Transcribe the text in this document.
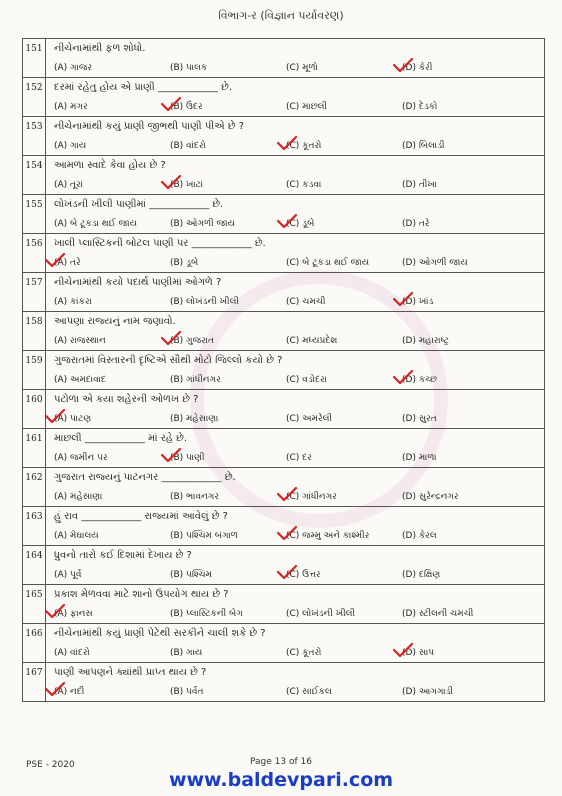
વિભાગ-ર (વિજ્ઞાન પર્યાવરણ)
151	નીચેનામાંથી ફળ શોધો.
(A) ગાજર (B) પાલક (C) મૂળો (D) કેરી

152	દરમાં રહેતુ હોય એ પ્રાણી ____________ છે.
(A) મગર (B) ઉંદર (C) માછલી (D) દેડકો

153	નીચેનામાંથી કયું પ્રાણી જીભથી પાણી પીએ છે ?
(A) ગાય (B) વાંદરો (C) કૂતરો (D) બિલાડી

154	આમળા સ્વાદે કેવા હોય છે ?
(A) તૂરાં (B) ખાટાં (C) કડવા (D) તીખા

155	લોખંડની ખીલી પાણીમાં ____________ છે.
(A) બે ટૂકડા થઈ જાય (B) ઓગળી જાય (C) ડૂબે (D) તરે

156	ખાલી પ્લાસ્ટિકની બોટલ પાણી પર ____________ છે.
(A) તરે (B) ડૂબે (C) બે ટૂકડા થઈ જાય (D) ઓગળી જાય

157	નીચેનામાંથી કયો પદાર્થ પાણીમાં ઓગળે ?
(A) કાંકરા (B) લોખંડની ખીલી (C) ચમચી (D) ખાંડ

158	આપણા રાજ્યનું નામ જણાવો.
(A) રાજસ્થાન (B) ગુજરાત (C) મધ્યપ્રદેશ (D) મહારાષ્ટ્ર

159	ગુજરાતમાં વિસ્તારની દૃષ્ટિએ સૌથી મોટો જિલ્લો કયો છે ?
(A) અમદાવાદ (B) ગાંધીનગર (C) વડોદરા (D) કચ્છ

160	પટોળા એ કયા શહેરની ઓળખ છે ?
(A) પાટણ (B) મહેસાણા (C) અમરેલી (D) સુરત

161	માછલી ____________ માં રહે છે.
(A) જમીન પર (B) પાણી (C) દર (D) માળા

162	ગુજરાત રાજ્યનું પાટનગર ____________ છે.
(A) મહેસાણા (B) ભાવનગર (C) ગાંધીનગર (D) સુરેન્દ્રનગર

163	હું રાવ ____________ રાજ્યમાં આવેલું છે ?
(A) મેઘાલય (B) પશ્ચિમ બંગાળ (C) જમ્મુ અને કાશ્મીર (D) કેરલ

164	ધ્રુવનો તારો કઈ દિશામાં દેખાય છે ?
(A) પૂર્વ (B) પશ્ચિમ (C) ઉત્તર (D) દક્ષિણ

165	પ્રકાશ મેળવવા માટે શાનો ઉપયોગ થાય છે ?
(A) ફાનસ (B) પ્લાસ્ટિકની બેગ (C) લોખંડની ખીલી (D) સ્ટીલની ચમચી

166	નીચેનામાંથી કયું પ્રાણી પેટેથી સરકીને ચાલી શકે છે ?
(A) વાંદરો (B) ગાય (C) કૂતરો (D) સાપ

167	પાણી આપણને ક્યાંથી પ્રાપ્ત થાય છે ?
(A) નદી (B) પર્વત (C) સાઈકલ (D) આગગાડી
PSE - 2020	Page 13 of 16
www.baldevpari.com
